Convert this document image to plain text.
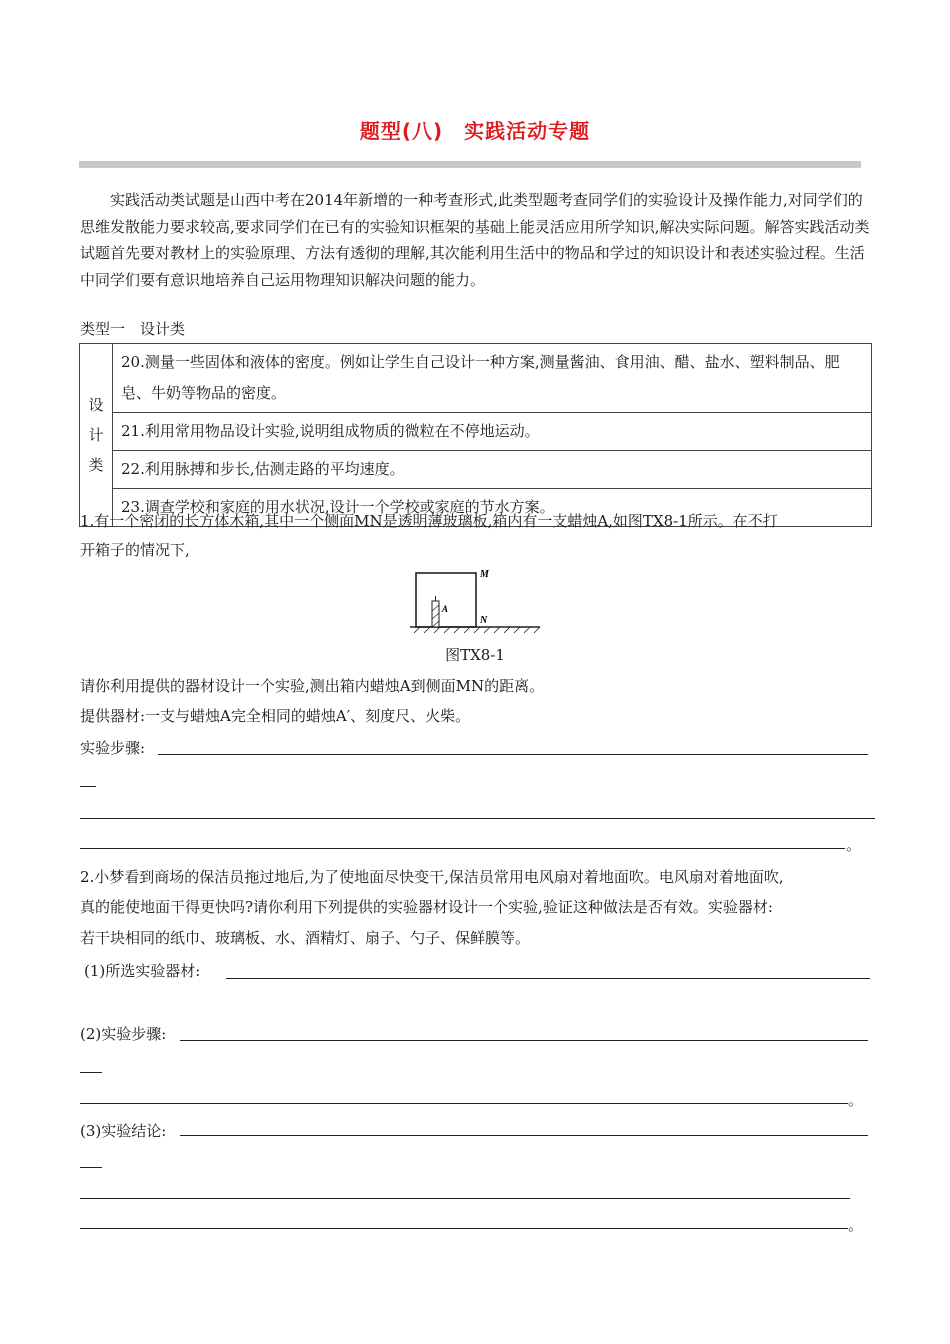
题型(八)　实践活动专题
实践活动类试题是山西中考在2014年新增的一种考查形式,此类型题考查同学们的实验设计及操作能力,对同学们的思维发散能力要求较高,要求同学们在已有的实验知识框架的基础上能灵活应用所学知识,解决实际问题。解答实践活动类试题首先要对教材上的实验原理、方法有透彻的理解,其次能利用生活中的物品和学过的知识设计和表述实验过程。生活中同学们要有意识地培养自己运用物理知识解决问题的能力。
类型一　设计类
设
计
类
	20.测量一些固体和液体的密度。例如让学生自己设计一种方案,测量酱油、食用油、醋、盐水、塑料制品、肥皂、牛奶等物品的密度。
21.利用常用物品设计实验,说明组成物质的微粒在不停地运动。
22.利用脉搏和步长,估测走路的平均速度。
23.调查学校和家庭的用水状况,设计一个学校或家庭的节水方案。
1.有一个密闭的长方体木箱,其中一个侧面MN是透明薄玻璃板,箱内有一支蜡烛A,如图TX8-1所示。在不打
开箱子的情况下,
A
M
N
图TX8-1
请你利用提供的器材设计一个实验,测出箱内蜡烛A到侧面MN的距离。
提供器材:一支与蜡烛A完全相同的蜡烛A′、刻度尺、火柴。
实验步骤:
。
2.小梦看到商场的保洁员拖过地后,为了使地面尽快变干,保洁员常用电风扇对着地面吹。电风扇对着地面吹,
真的能使地面干得更快吗?请你利用下列提供的实验器材设计一个实验,验证这种做法是否有效。实验器材:
若干块相同的纸巾、玻璃板、水、酒精灯、扇子、勺子、保鲜膜等。
(1)所选实验器材:
(2)实验步骤:
。
(3)实验结论:
。
